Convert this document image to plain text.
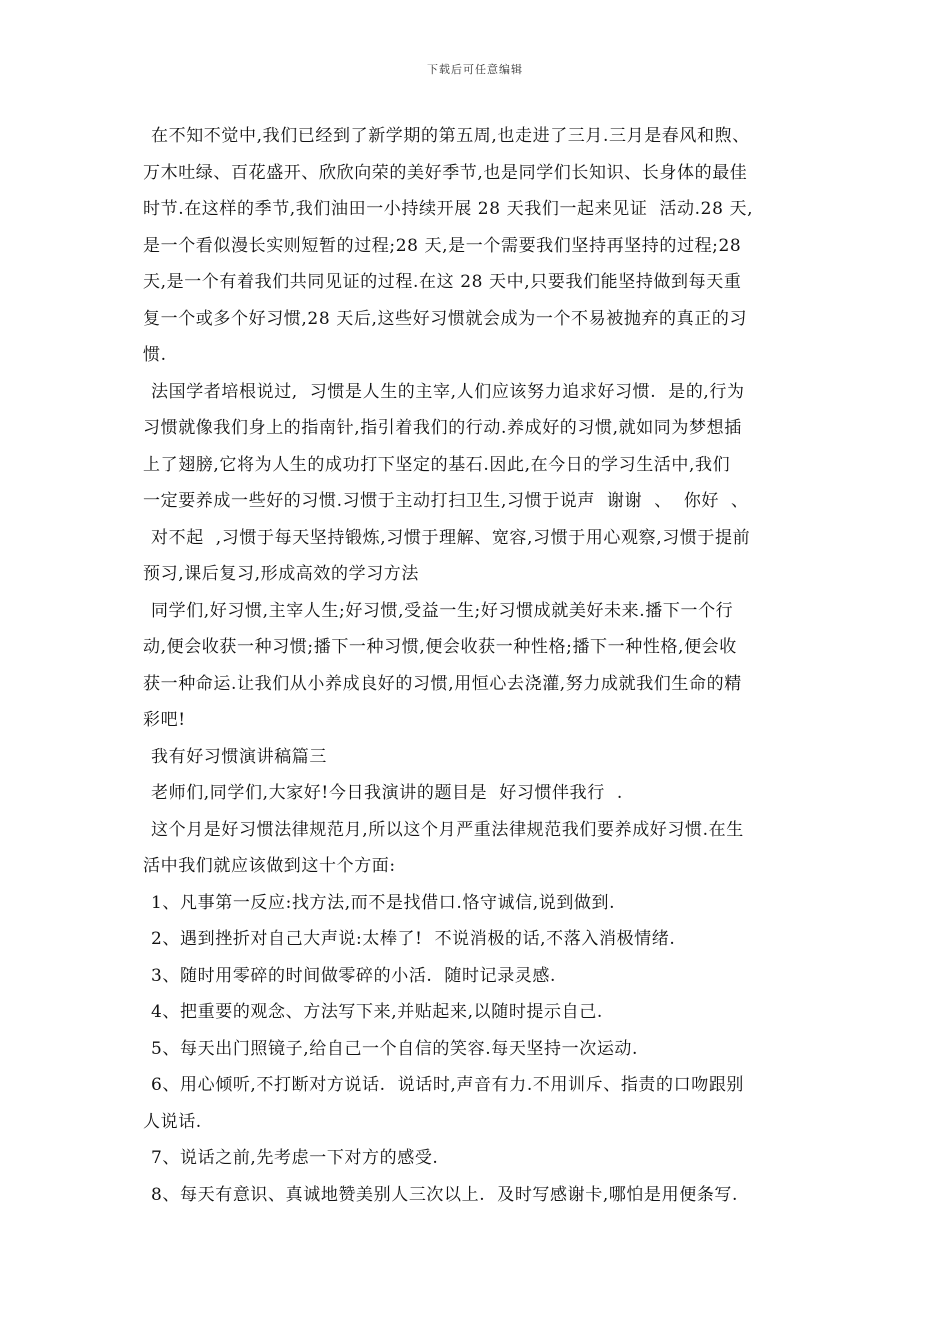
下载后可任意编辑
在不知不觉中,我们已经到了新学期的第五周,也走进了三月.三月是春风和煦、
万木吐绿、百花盛开、欣欣向荣的美好季节,也是同学们长知识、长身体的最佳
时节.在这样的季节,我们油田一小持续开展 28 天我们一起来见证  活动.28 天,
是一个看似漫长实则短暂的过程;28 天,是一个需要我们坚持再坚持的过程;28
天,是一个有着我们共同见证的过程.在这 28 天中,只要我们能坚持做到每天重
复一个或多个好习惯,28 天后,这些好习惯就会成为一个不易被抛弃的真正的习
惯.
法国学者培根说过,  习惯是人生的主宰,人们应该努力追求好习惯.  是的,行为
习惯就像我们身上的指南针,指引着我们的行动.养成好的习惯,就如同为梦想插
上了翅膀,它将为人生的成功打下坚定的基石.因此,在今日的学习生活中,我们
一定要养成一些好的习惯.习惯于主动打扫卫生,习惯于说声  谢谢  、  你好  、
对不起  ,习惯于每天坚持锻炼,习惯于理解、宽容,习惯于用心观察,习惯于提前
预习,课后复习,形成高效的学习方法
同学们,好习惯,主宰人生;好习惯,受益一生;好习惯成就美好未来.播下一个行
动,便会收获一种习惯;播下一种习惯,便会收获一种性格;播下一种性格,便会收
获一种命运.让我们从小养成良好的习惯,用恒心去浇灌,努力成就我们生命的精
彩吧!
我有好习惯演讲稿篇三
老师们,同学们,大家好!今日我演讲的题目是  好习惯伴我行  .
这个月是好习惯法律规范月,所以这个月严重法律规范我们要养成好习惯.在生
活中我们就应该做到这十个方面:
1、凡事第一反应:找方法,而不是找借口.恪守诚信,说到做到.
2、遇到挫折对自己大声说:太棒了!  不说消极的话,不落入消极情绪.
3、随时用零碎的时间做零碎的小活.  随时记录灵感.
4、把重要的观念、方法写下来,并贴起来,以随时提示自己.
5、每天出门照镜子,给自己一个自信的笑容.每天坚持一次运动.
6、用心倾听,不打断对方说话.  说话时,声音有力.不用训斥、指责的口吻跟别
人说话.
7、说话之前,先考虑一下对方的感受.
8、每天有意识、真诚地赞美别人三次以上.  及时写感谢卡,哪怕是用便条写.
